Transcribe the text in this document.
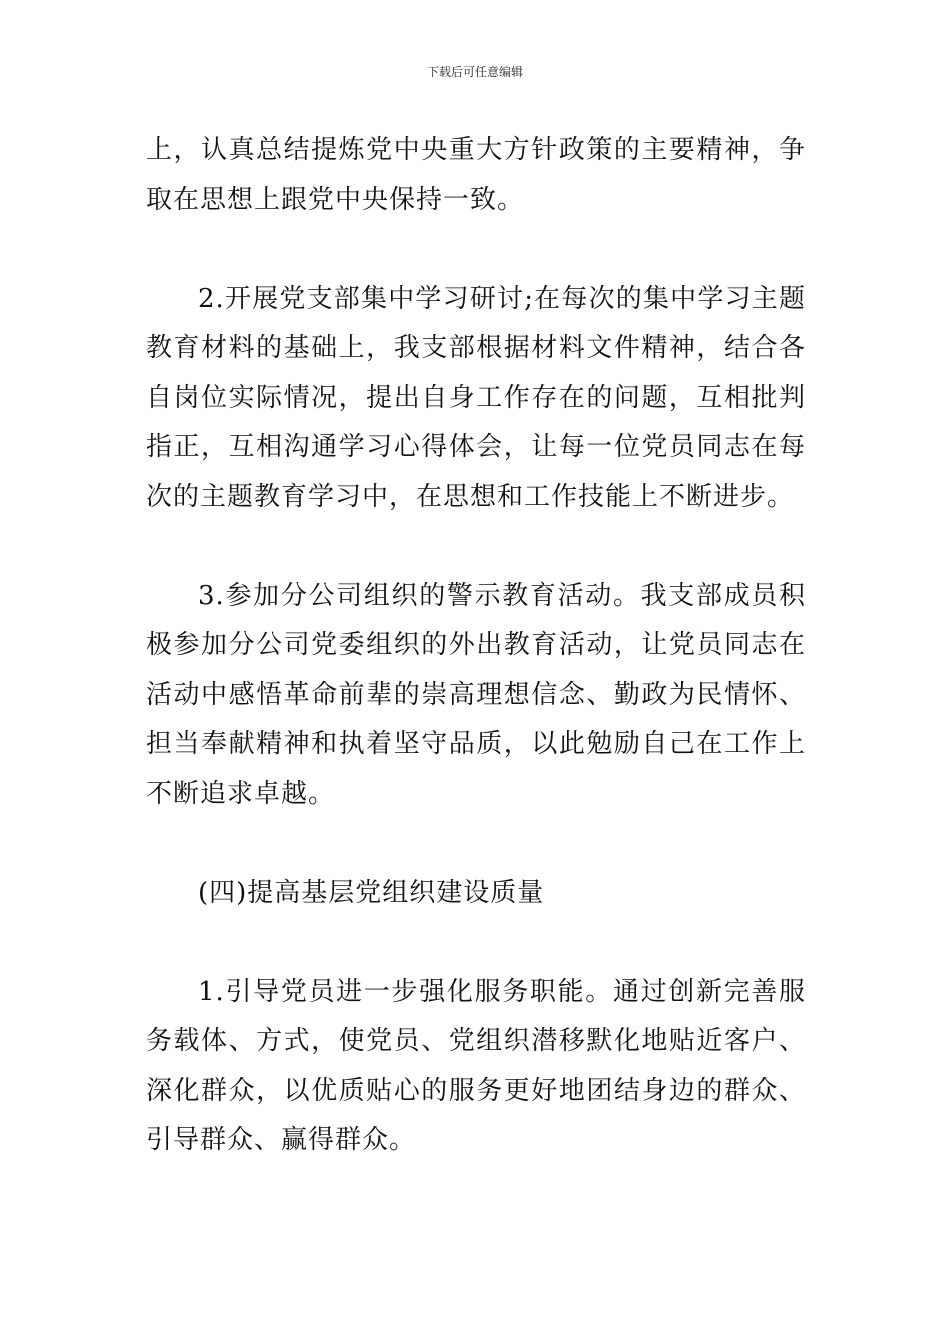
下载后可任意编辑

上，认真总结提炼党中央重大方针政策的主要精神，争取在思想上跟党中央保持一致。

2.开展党支部集中学习研讨;在每次的集中学习主题教育材料的基础上，我支部根据材料文件精神，结合各自岗位实际情况，提出自身工作存在的问题，互相批判指正，互相沟通学习心得体会，让每一位党员同志在每次的主题教育学习中，在思想和工作技能上不断进步。

3.参加分公司组织的警示教育活动。我支部成员积极参加分公司党委组织的外出教育活动，让党员同志在活动中感悟革命前辈的崇高理想信念、勤政为民情怀、担当奉献精神和执着坚守品质，以此勉励自己在工作上不断追求卓越。

(四)提高基层党组织建设质量

1.引导党员进一步强化服务职能。通过创新完善服务载体、方式，使党员、党组织潜移默化地贴近客户、深化群众，以优质贴心的服务更好地团结身边的群众、引导群众、赢得群众。
